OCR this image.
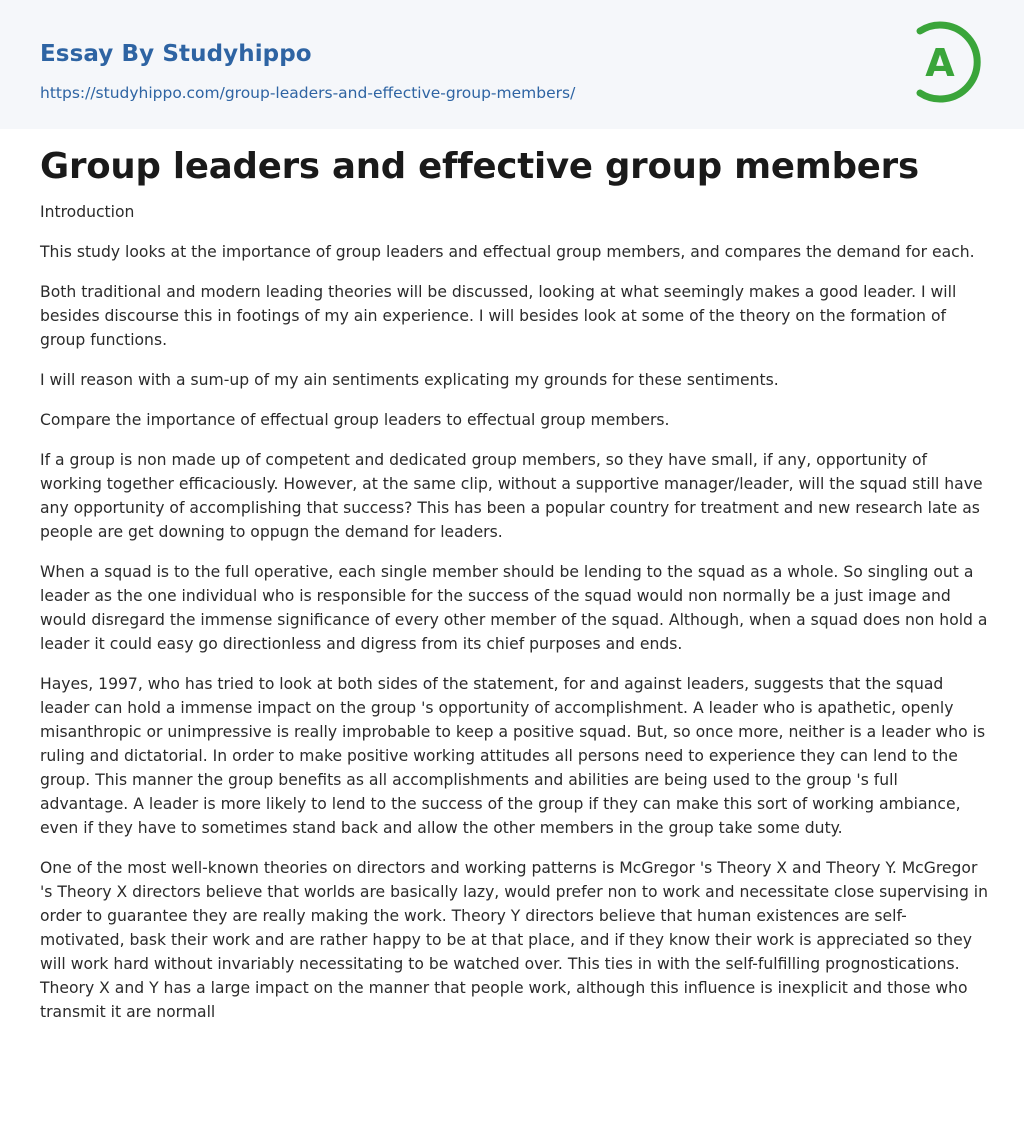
Essay By Studyhippo
https://studyhippo.com/group-leaders-and-effective-group-members/
A
Group leaders and effective group members

Introduction

This study looks at the importance of group leaders and effectual group members, and compares the demand for each.

Both traditional and modern leading theories will be discussed, looking at what seemingly makes a good leader. I will besides discourse this in footings of my ain experience. I will besides look at some of the theory on the formation of group functions.

I will reason with a sum-up of my ain sentiments explicating my grounds for these sentiments.

Compare the importance of effectual group leaders to effectual group members.

If a group is non made up of competent and dedicated group members, so they have small, if any, opportunity of working together efficaciously. However, at the same clip, without a supportive manager/leader, will the squad still have any opportunity of accomplishing that success? This has been a popular country for treatment and new research late as people are get downing to oppugn the demand for leaders.

When a squad is to the full operative, each single member should be lending to the squad as a whole. So singling out a leader as the one individual who is responsible for the success of the squad would non normally be a just image and would disregard the immense significance of every other member of the squad. Although, when a squad does non hold a leader it could easy go directionless and digress from its chief purposes and ends.

Hayes, 1997, who has tried to look at both sides of the statement, for and against leaders, suggests that the squad leader can hold a immense impact on the group 's opportunity of accomplishment. A leader who is apathetic, openly misanthropic or unimpressive is really improbable to keep a positive squad. But, so once more, neither is a leader who is ruling and dictatorial. In order to make positive working attitudes all persons need to experience they can lend to the group. This manner the group benefits as all accomplishments and abilities are being used to the group 's full advantage. A leader is more likely to lend to the success of the group if they can make this sort of working ambiance, even if they have to sometimes stand back and allow the other members in the group take some duty.

One of the most well-known theories on directors and working patterns is McGregor 's Theory X and Theory Y. McGregor 's Theory X directors believe that worlds are basically lazy, would prefer non to work and necessitate close supervising in order to guarantee they are really making the work. Theory Y directors believe that human existences are self-motivated, bask their work and are rather happy to be at that place, and if they know their work is appreciated so they will work hard without invariably necessitating to be watched over. This ties in with the self-fulfilling prognostications. Theory X and Y has a large impact on the manner that people work, although this influence is inexplicit and those who transmit it are normall
